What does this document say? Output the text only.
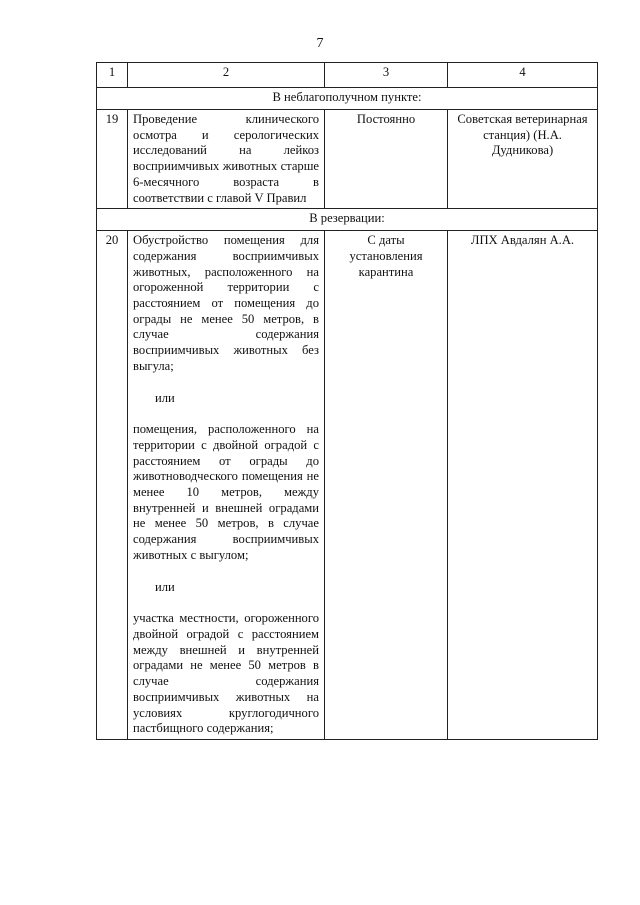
7
1	2	3	4
В неблагополучном пункте:			
19	Проведение клинического осмотра и серологических исследований на лейкоз восприимчивых животных старше 6-месячного возраста в соответствии с главой V Правил	Постоянно	Советская ветеринарная станция) (Н.А. Дудникова)
В резервации:			
20	Обустройство помещения для содержания восприимчивых животных, расположенного на огороженной территории с расстоянием от помещения до ограды не менее 50 метров, в случае содержания восприимчивых животных без выгула;

или

помещения, расположенного на территории с двойной оградой с расстоянием от ограды до животноводческого помещения не менее 10 метров, между внутренней и внешней оградами не менее 50 метров, в случае содержания восприимчивых животных с выгулом;

или

участка местности, огороженного двойной оградой с расстоянием между внешней и внутренней оградами не менее 50 метров в случае содержания восприимчивых животных на условиях круглогодичного пастбищного содержания;	С даты установления карантина	ЛПХ Авдалян А.А.
